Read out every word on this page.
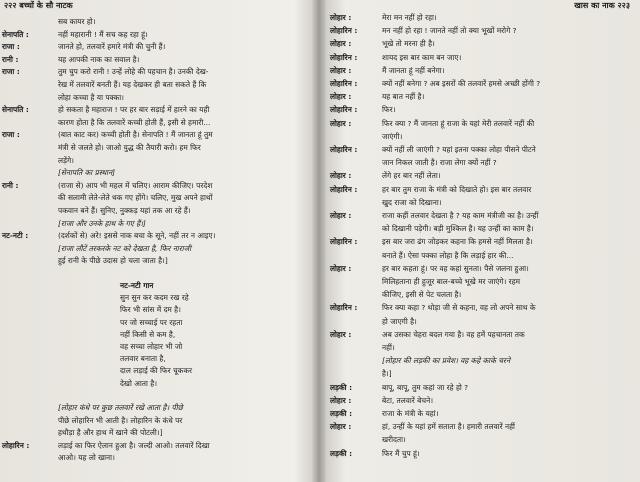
२२२ बच्चों के सौ नाटक
सब कायर हो।
सेनापति :	नहीं महारानी ! मैं सच कह रहा हूं।
राजा :	जानते हो, तलवारें हमारे मंत्री की चुनी हैं।
रानी :	यह आपकी नाक का सवाल है।
राजा :	तुम चुप करो रानी ! उन्हें लोहे की पहचान है। उनकी देख-
रेख में तलवारें बनती हैं। यह देखकर ही बता सकते हैं कि
लोहा कच्चा है या पक्का।
सेनापति :	हो सकता है महाराज ! पर हर बार सड़ाई में हारने का यही
कारण होता है कि तलवारें कच्ची होती हैं, इसी से हमारी...
राजा :	(बात काट कर) कच्ची होती है। सेनापति ! मैं जानता हूं तुम
मंत्री से जलते हो। जाओ युद्ध की तैयारी करो। हम फिर
लड़ेंगे।
[सेनापति का प्रस्थान]
रानी :	(राजा से) आप भी महल में चलिए। आराम कीजिए। परदेश
की सलामी लेते-लेते थक गए होंगे। चलिए, मुख अपने हाथों
पकवान बने हैं। सुनिए, नुक्कड़ यहां तक आ रहे हैं।
[राजा और उनके हाथ के गए हैं।]
नट-नटी :	(दर्शकों से) अरे! इससे नाक बचा के सूने, नहीं तर न आइए।
[राजा लौटें तरकरके नट को देखता है, फिर नाराजी
हुई रानी के पीछे उदास हो चला जाता है।]
नट-नटी गान
सुन सुन कर कदम रख रहे
फिर भी सांस में दम है।
पर जो सच्चाई पर रहता
नहीं किसी से कम है,
वह सच्चा लोहार भी जो
तलवार बनाता है,
दाल लड़ाई की फिर चूककर
देखो आता है।
[लोहार कंधे पर कुछ तलवारें रखे आता है। पीछे
पीछे लोहारिन भी आती है। लोहारिन के कंधे पर
हथौड़ा है और हाथ में खाने की पोटली।]
लोहारिन :	लड़ाई का फिर ऐलान हुआ है। जल्दी आओ। तलवारें दिखा
आओ। यह लो खाना।
खास का नाक २२३
लोहार :	मेरा मन नहीं हो रहा।
लोहारिन :	मन नहीं हो रहा ! जानते नहीं तो क्या भूखों मरोगे ?
लोहार :	भूखे तो मरना ही है।
लोहारिन :	शायद इस बार काम बन जाए।
लोहार :	मैं जानता हूं नहीं बनेगा।
लोहारिन :	क्यों नहीं बनेगा ? अब इसरों की तलवारें हमसे अच्छी होंगी ?
लोहार :	यह बात नहीं है।
लोहारिन :	फिर।
लोहार :	फिर क्या ? मैं जानता हूं राजा के यहां मेरी तलवारें नहीं की
जाएंगी।
लोहारिन :	क्यों नहीं ली जाएंगी ? यहां इतना पक्का लोहा पीसने पीटने
जान निकल जाती है। राजा लेगा क्यों नहीं ?
लोहार :	लेंगे हर बार नहीं लेता।
लोहारिन :	हर बार तुम राजा के मंत्री को दिखाते हो। इस बार तलवार
खुद राजा को दिखाना।
लोहार :	राजा कहीं तलवार देखता है ? यह काम मंत्रीजी का है। उन्हीं
को दिखानी पड़ेगी। बड़ी मुश्किल है। यह उन्हीं का काम है।
लोहारिन :	इस बार जरा ढंग जोड़कर कहना कि हमसे नहीं मिलता है।
बनाते हैं। ऐसा पक्का लोहा है कि लड़ाई हार की...
लोहार :	हर बार कहता हूं। पर वह कहां सुनता। पैसे जलना हुआ।
मिलिहताना ही हुजूर बाल-बच्चे भूखे मर जाएंगे। रहम
कीजिए, इसी से पेट चलता है।
लोहारिन :	फिर क्या कहा ? थोड़ा जी से कहना, वह लो अपने साथ के
हो जाएगी है।
लोहार :	अब उसका चेहरा बदल गया है। वह हमें पहचानता तक
नहीं।
[लोहार की लड़की का प्रवेश। वह कहे काके चरने
है।]
लड़की :	बापू, बापू, तुम कहां जा रहे हो ?
लोहार :	बेटा, तलवारें बेचने।
लड़की :	राजा के मंत्री के यहां।
लोहार :	हां, उन्हीं के यहां हमें सताता है। हमारी तलवारें नहीं
खरीदता।
लड़की :	फिर मैं चुप हूं।
